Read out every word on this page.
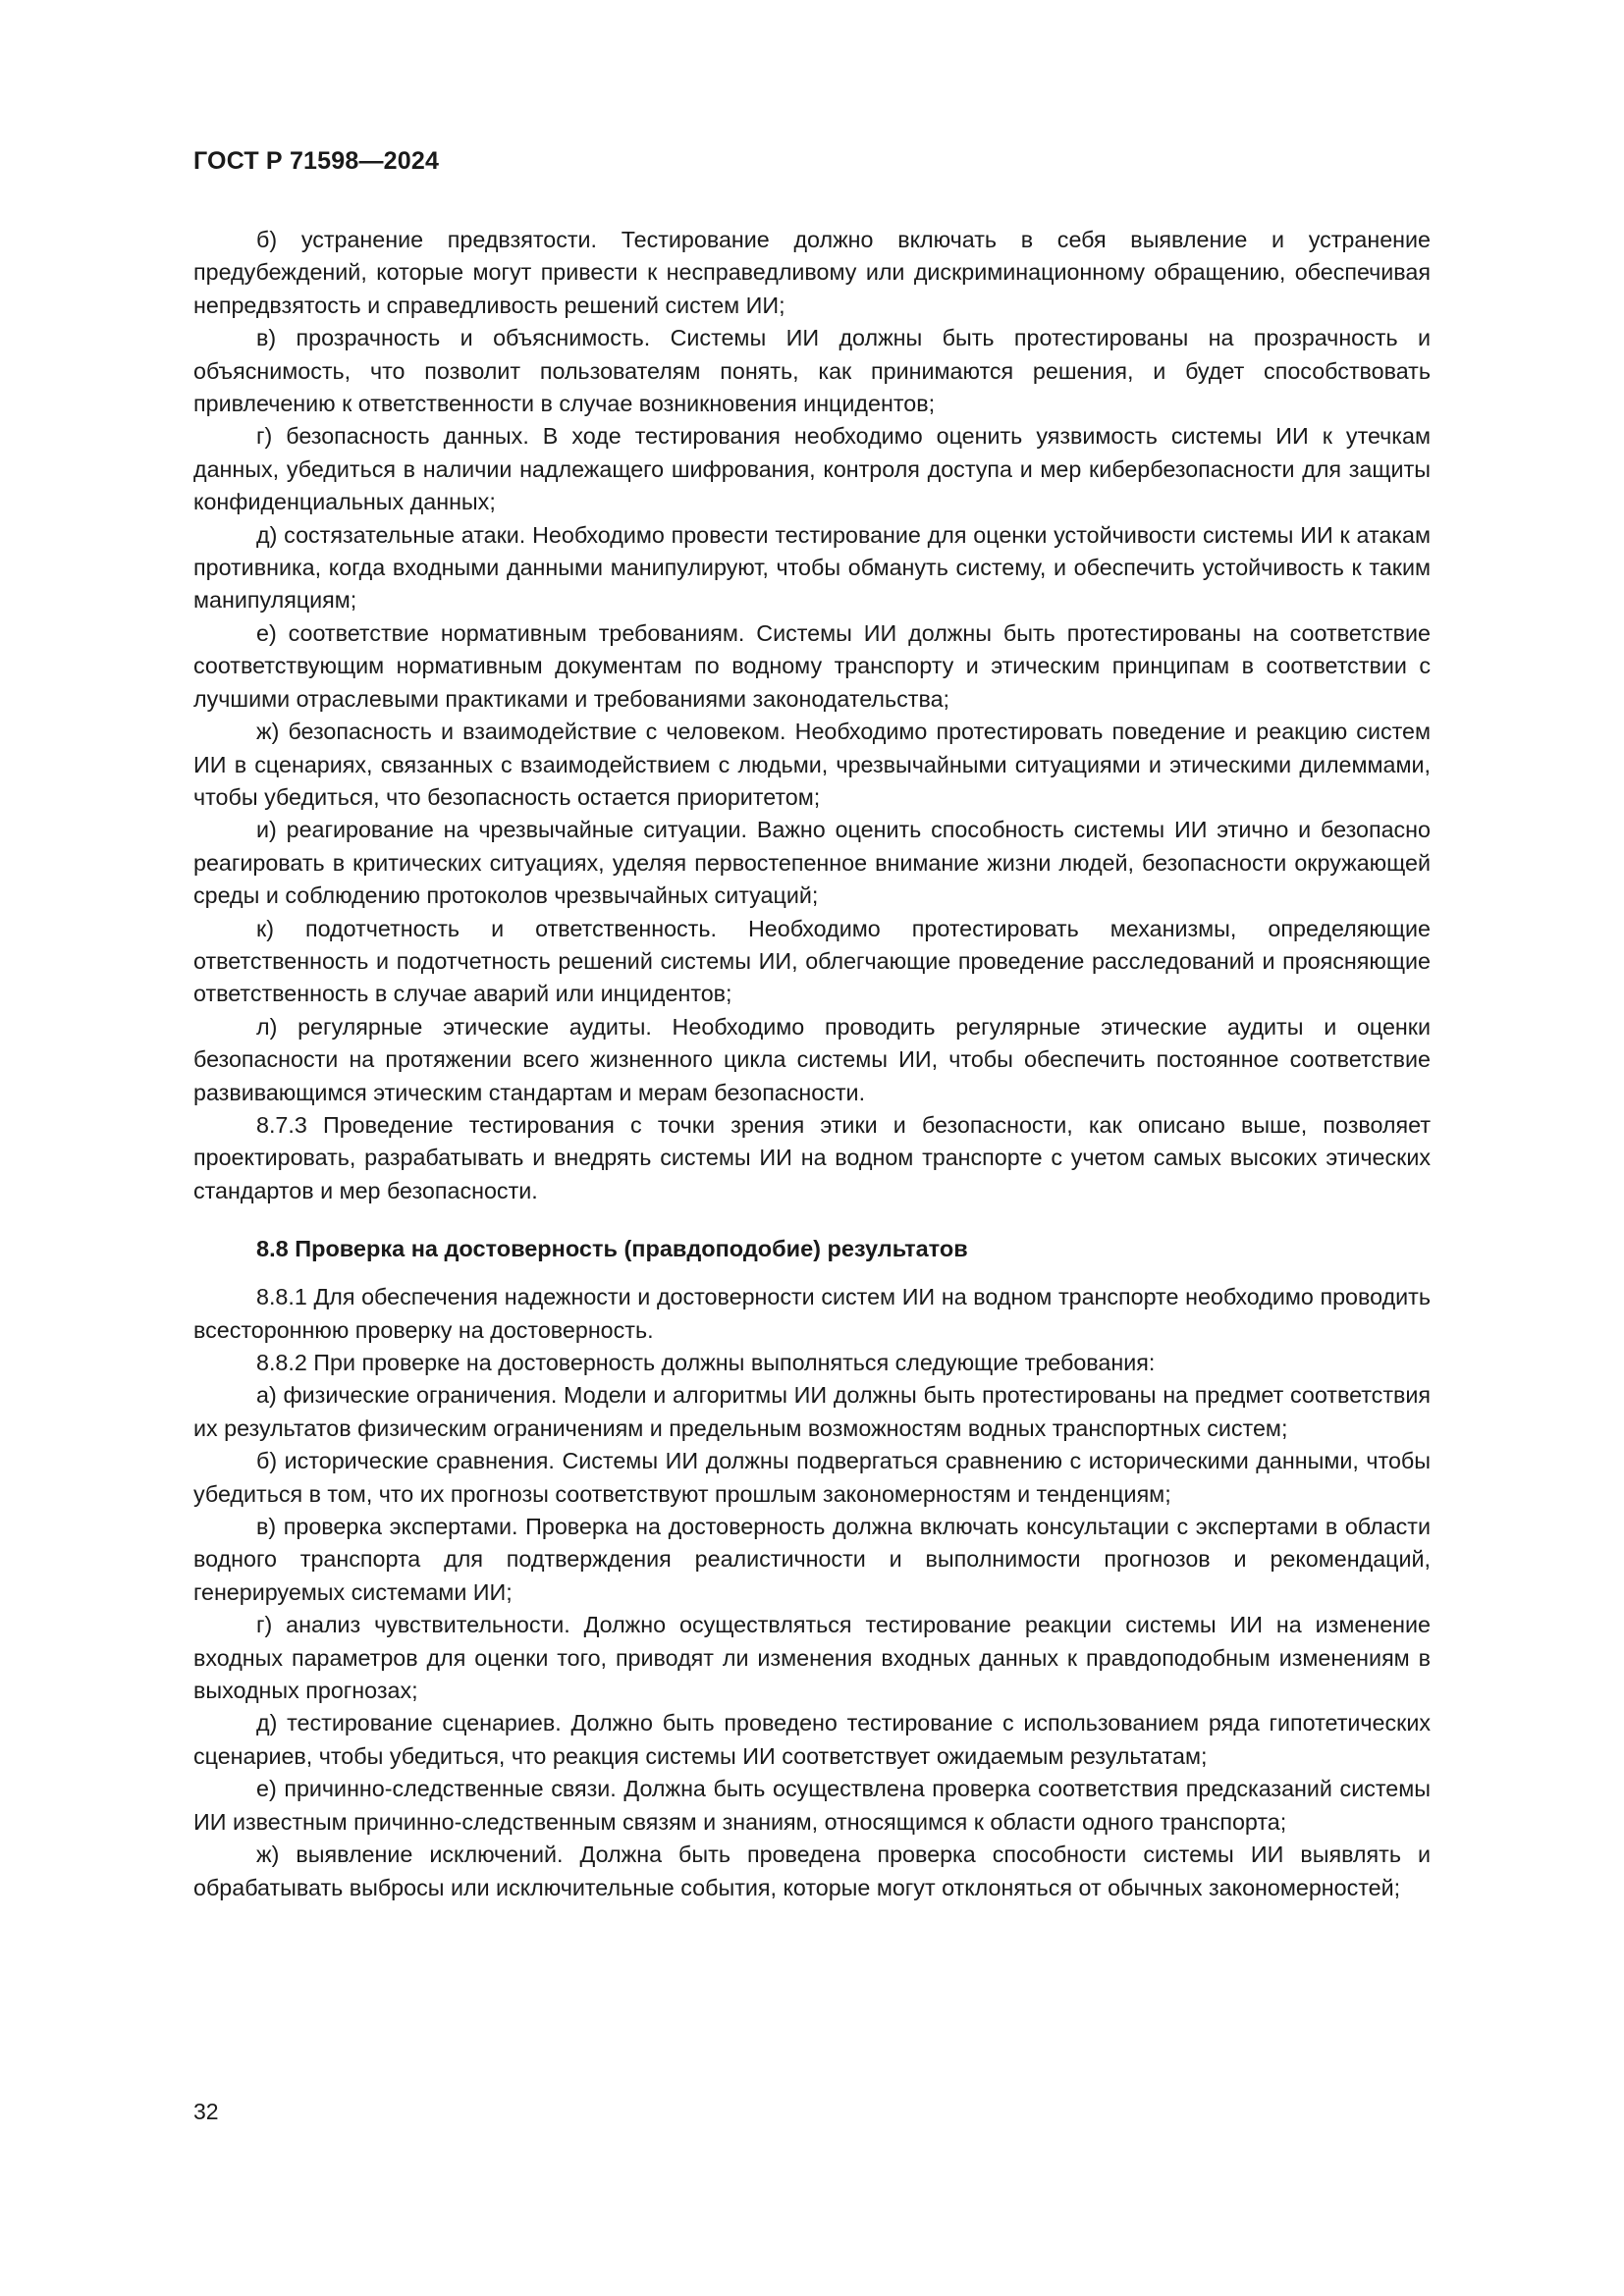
ГОСТ Р 71598—2024

б) устранение предвзятости. Тестирование должно включать в себя выявление и устранение предубеждений, которые могут привести к несправедливому или дискриминационному обращению, обеспечивая непредвзятость и справедливость решений систем ИИ;

в) прозрачность и объяснимость. Системы ИИ должны быть протестированы на прозрачность и объяснимость, что позволит пользователям понять, как принимаются решения, и будет способствовать привлечению к ответственности в случае возникновения инцидентов;

г) безопасность данных. В ходе тестирования необходимо оценить уязвимость системы ИИ к утечкам данных, убедиться в наличии надлежащего шифрования, контроля доступа и мер кибербезопасности для защиты конфиденциальных данных;

д) состязательные атаки. Необходимо провести тестирование для оценки устойчивости системы ИИ к атакам противника, когда входными данными манипулируют, чтобы обмануть систему, и обеспечить устойчивость к таким манипуляциям;

е) соответствие нормативным требованиям. Системы ИИ должны быть протестированы на соответствие соответствующим нормативным документам по водному транспорту и этическим принципам в соответствии с лучшими отраслевыми практиками и требованиями законодательства;

ж) безопасность и взаимодействие с человеком. Необходимо протестировать поведение и реакцию систем ИИ в сценариях, связанных с взаимодействием с людьми, чрезвычайными ситуациями и этическими дилеммами, чтобы убедиться, что безопасность остается приоритетом;

и) реагирование на чрезвычайные ситуации. Важно оценить способность системы ИИ этично и безопасно реагировать в критических ситуациях, уделяя первостепенное внимание жизни людей, безопасности окружающей среды и соблюдению протоколов чрезвычайных ситуаций;

к) подотчетность и ответственность. Необходимо протестировать механизмы, определяющие ответственность и подотчетность решений системы ИИ, облегчающие проведение расследований и проясняющие ответственность в случае аварий или инцидентов;

л) регулярные этические аудиты. Необходимо проводить регулярные этические аудиты и оценки безопасности на протяжении всего жизненного цикла системы ИИ, чтобы обеспечить постоянное соответствие развивающимся этическим стандартам и мерам безопасности.

8.7.3 Проведение тестирования с точки зрения этики и безопасности, как описано выше, позволяет проектировать, разрабатывать и внедрять системы ИИ на водном транспорте с учетом самых высоких этических стандартов и мер безопасности.

8.8 Проверка на достоверность (правдоподобие) результатов

8.8.1 Для обеспечения надежности и достоверности систем ИИ на водном транспорте необходимо проводить всестороннюю проверку на достоверность.

8.8.2 При проверке на достоверность должны выполняться следующие требования:

а) физические ограничения. Модели и алгоритмы ИИ должны быть протестированы на предмет соответствия их результатов физическим ограничениям и предельным возможностям водных транспортных систем;

б) исторические сравнения. Системы ИИ должны подвергаться сравнению с историческими данными, чтобы убедиться в том, что их прогнозы соответствуют прошлым закономерностям и тенденциям;

в) проверка экспертами. Проверка на достоверность должна включать консультации с экспертами в области водного транспорта для подтверждения реалистичности и выполнимости прогнозов и рекомендаций, генерируемых системами ИИ;

г) анализ чувствительности. Должно осуществляться тестирование реакции системы ИИ на изменение входных параметров для оценки того, приводят ли изменения входных данных к правдоподобным изменениям в выходных прогнозах;

д) тестирование сценариев. Должно быть проведено тестирование с использованием ряда гипотетических сценариев, чтобы убедиться, что реакция системы ИИ соответствует ожидаемым результатам;

е) причинно-следственные связи. Должна быть осуществлена проверка соответствия предсказаний системы ИИ известным причинно-следственным связям и знаниям, относящимся к области одного транспорта;

ж) выявление исключений. Должна быть проведена проверка способности системы ИИ выявлять и обрабатывать выбросы или исключительные события, которые могут отклоняться от обычных закономерностей;

32
